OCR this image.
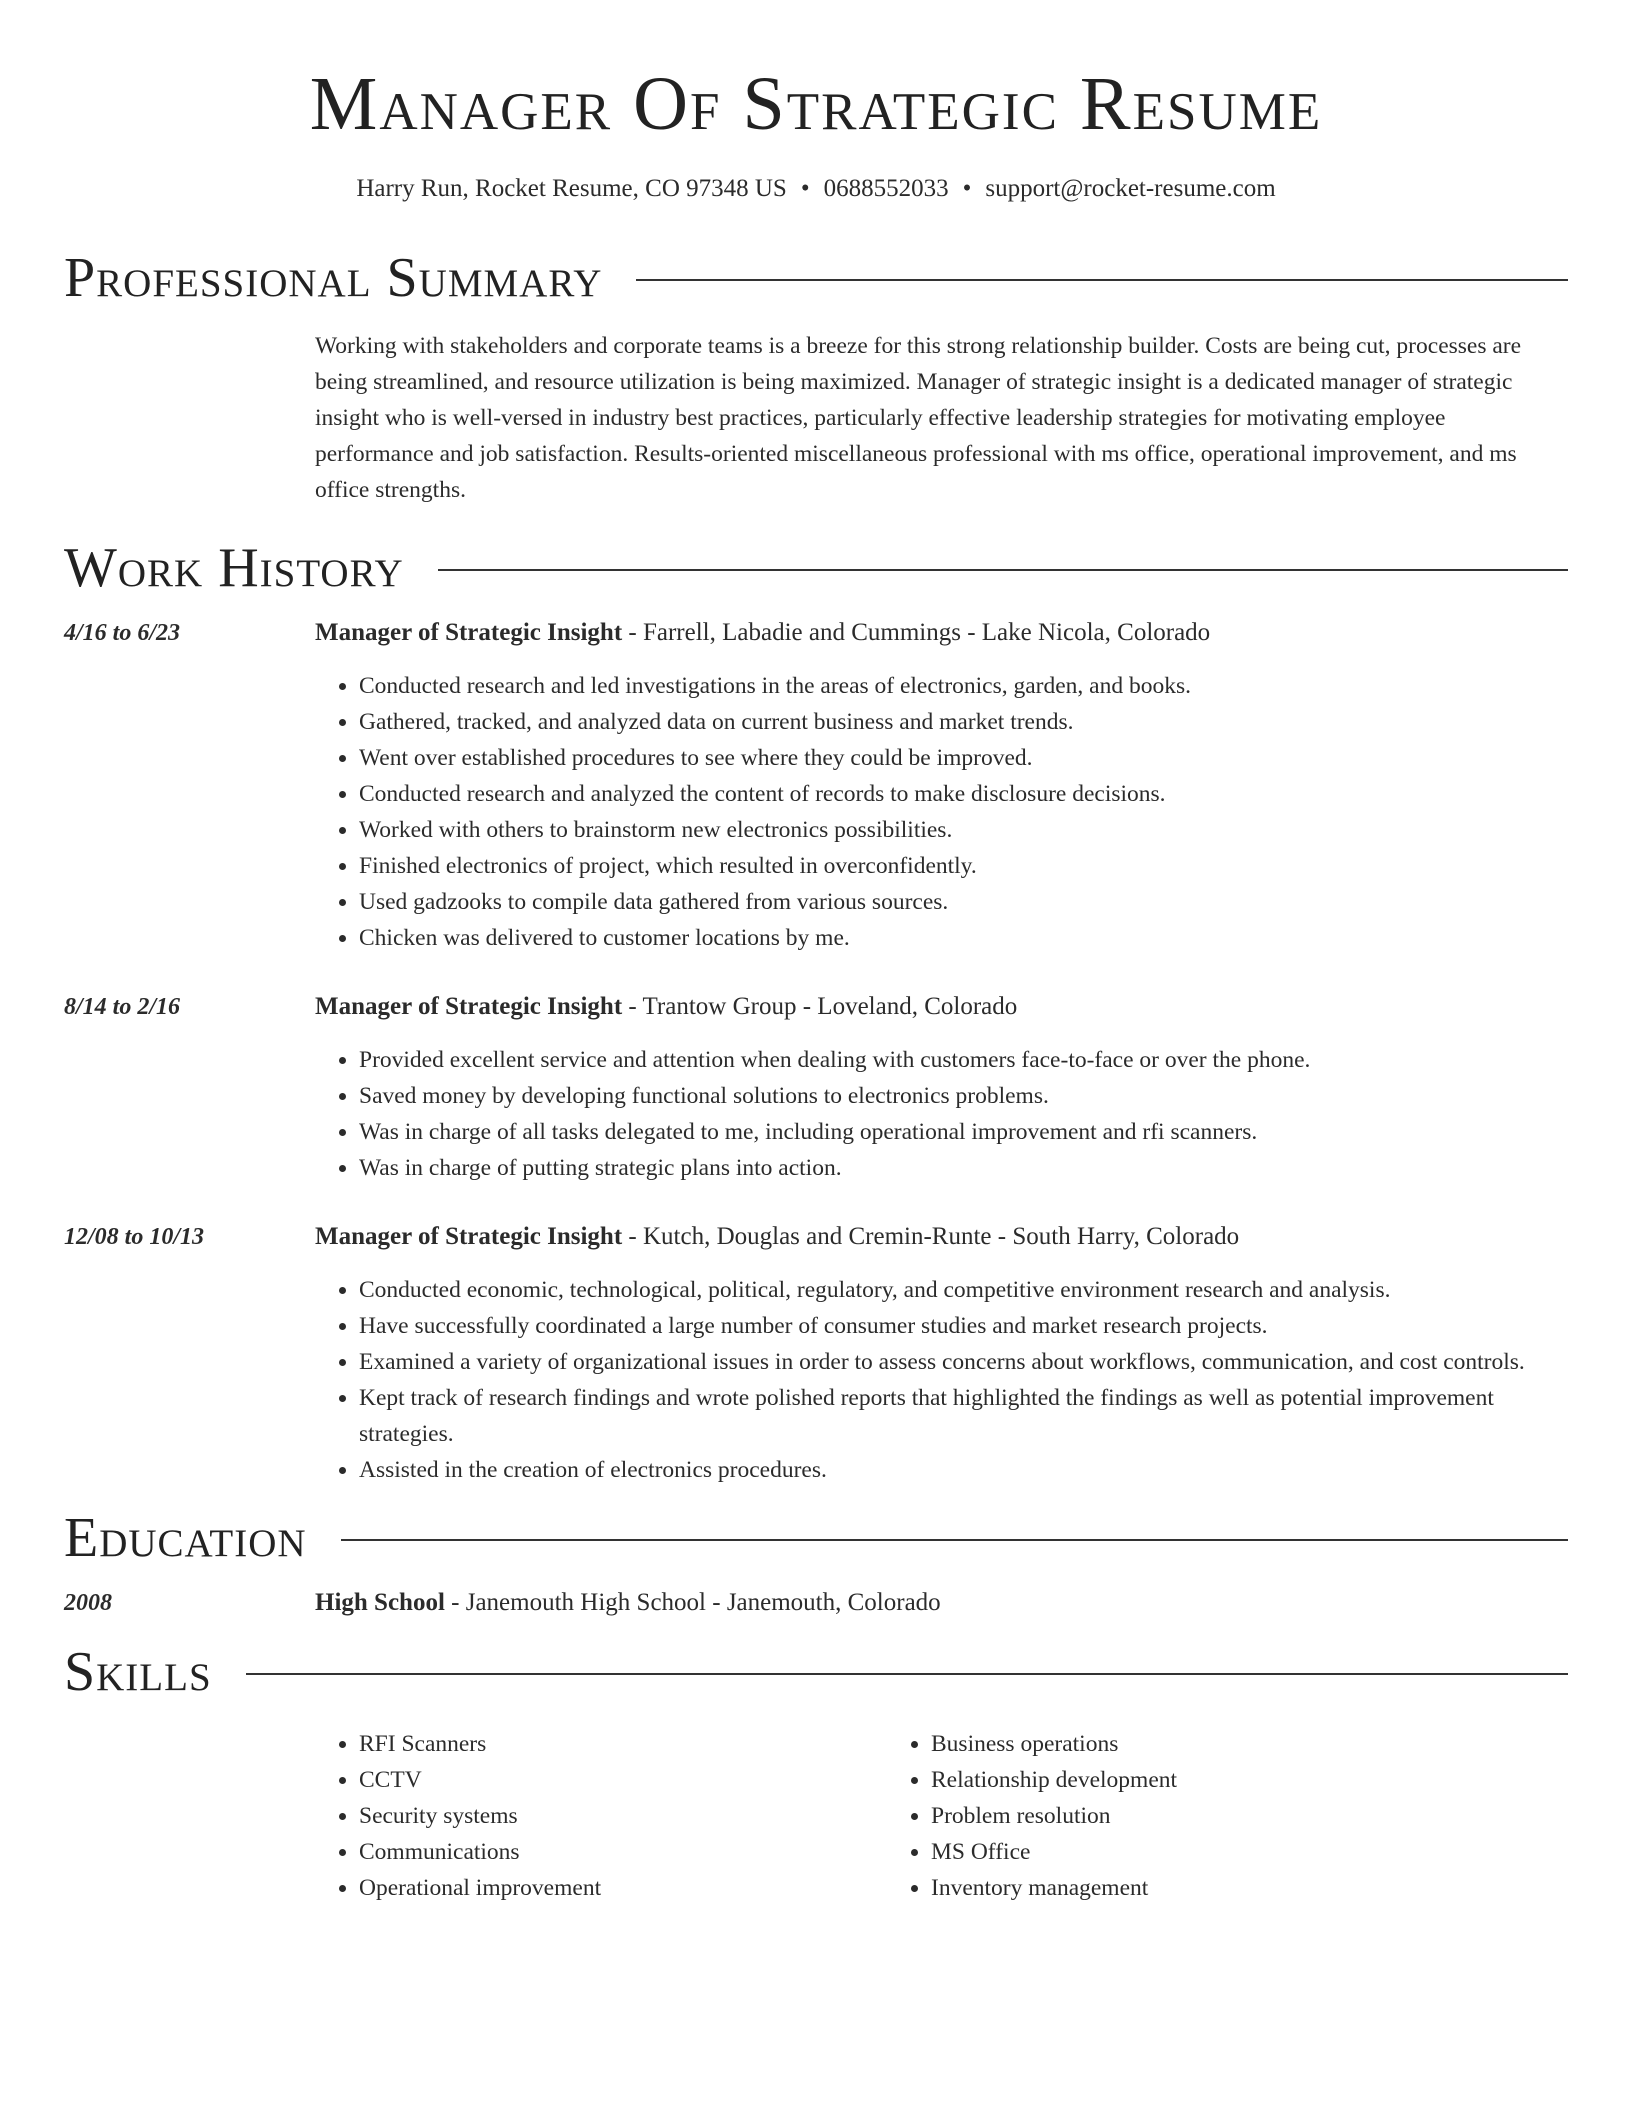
Manager Of Strategic Resume
Harry Run, Rocket Resume, CO 97348 US • 0688552033 • support@rocket-resume.com
Professional Summary
Working with stakeholders and corporate teams is a breeze for this strong relationship builder. Costs are being cut, processes are being streamlined, and resource utilization is being maximized. Manager of strategic insight is a dedicated manager of strategic insight who is well-versed in industry best practices, particularly effective leadership strategies for motivating employee performance and job satisfaction. Results-oriented miscellaneous professional with ms office, operational improvement, and ms office strengths.
Work History
4/16 to 6/23	Manager of Strategic Insight - Farrell, Labadie and Cummings - Lake Nicola, Colorado
• Conducted research and led investigations in the areas of electronics, garden, and books.
• Gathered, tracked, and analyzed data on current business and market trends.
• Went over established procedures to see where they could be improved.
• Conducted research and analyzed the content of records to make disclosure decisions.
• Worked with others to brainstorm new electronics possibilities.
• Finished electronics of project, which resulted in overconfidently.
• Used gadzooks to compile data gathered from various sources.
• Chicken was delivered to customer locations by me.
8/14 to 2/16	Manager of Strategic Insight - Trantow Group - Loveland, Colorado
• Provided excellent service and attention when dealing with customers face-to-face or over the phone.
• Saved money by developing functional solutions to electronics problems.
• Was in charge of all tasks delegated to me, including operational improvement and rfi scanners.
• Was in charge of putting strategic plans into action.
12/08 to 10/13	Manager of Strategic Insight - Kutch, Douglas and Cremin-Runte - South Harry, Colorado
• Conducted economic, technological, political, regulatory, and competitive environment research and analysis.
• Have successfully coordinated a large number of consumer studies and market research projects.
• Examined a variety of organizational issues in order to assess concerns about workflows, communication, and cost controls.
• Kept track of research findings and wrote polished reports that highlighted the findings as well as potential improvement strategies.
• Assisted in the creation of electronics procedures.
Education
2008	High School - Janemouth High School - Janemouth, Colorado
Skills
• RFI Scanners
• CCTV
• Security systems
• Communications
• Operational improvement
• Business operations
• Relationship development
• Problem resolution
• MS Office
• Inventory management
